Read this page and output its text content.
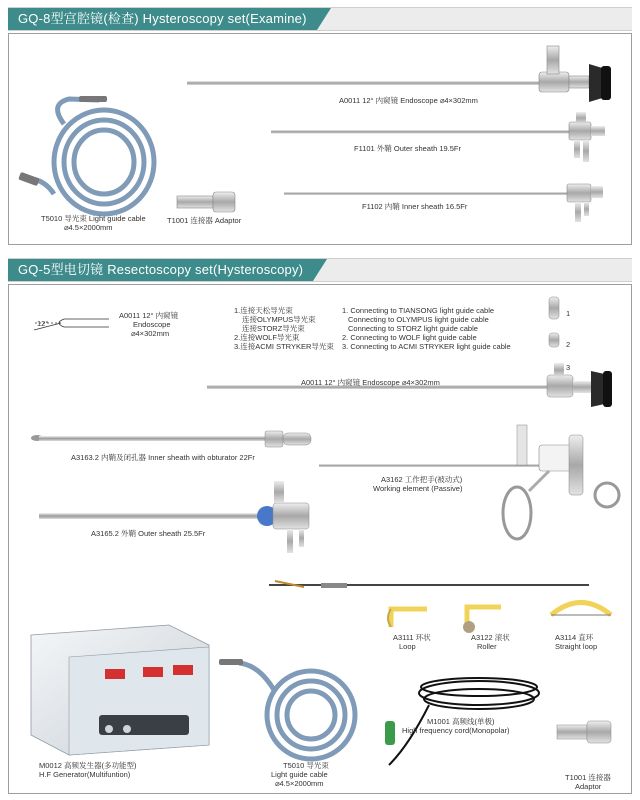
GQ-8型宫腔镜(检查) Hysteroscopy set(Examine)
A0011 12° 内窥镜 Endoscope ⌀4×302mm
F1101 外鞘 Outer sheath 19.5Fr
F1102 内鞘 Inner sheath 16.5Fr
T5010 导光束 Light guide cable
⌀4.5×2000mm
T1001 连接器 Adaptor
GQ-5型电切镜 Resectoscopy set(Hysteroscopy)
12°
A0011 12° 内窥镜
Endoscope
⌀4×302mm
1.连接天松导光束
连接OLYMPUS导光束
连接STORZ导光束
2.连接WOLF导光束
3.连接ACMI STRYKER导光束
1. Connecting to TIANSONG light guide cable
Connecting to OLYMPUS light guide cable
Connecting to STORZ light guide cable
2. Connecting to WOLF light guide cable
3. Connecting to ACMI STRYKER light guide cable
1
2
3
A0011 12° 内窥镜 Endoscope ⌀4×302mm
A3163.2 内鞘及闭孔器 Inner sheath with obturator 22Fr
A3162 工作把手(被动式)
Working element (Passive)
A3165.2 外鞘 Outer sheath 25.5Fr
A3111 环状
Loop
A3122 滚状
Roller
A3114 直环
Straight loop
M1001 高频线(单极)
High frequency cord(Monopolar)
M0012 高频发生器(多功能型)
H.F Generator(Multifuntion)
T5010 导光束
Light guide cable
⌀4.5×2000mm
T1001 连接器
Adaptor
